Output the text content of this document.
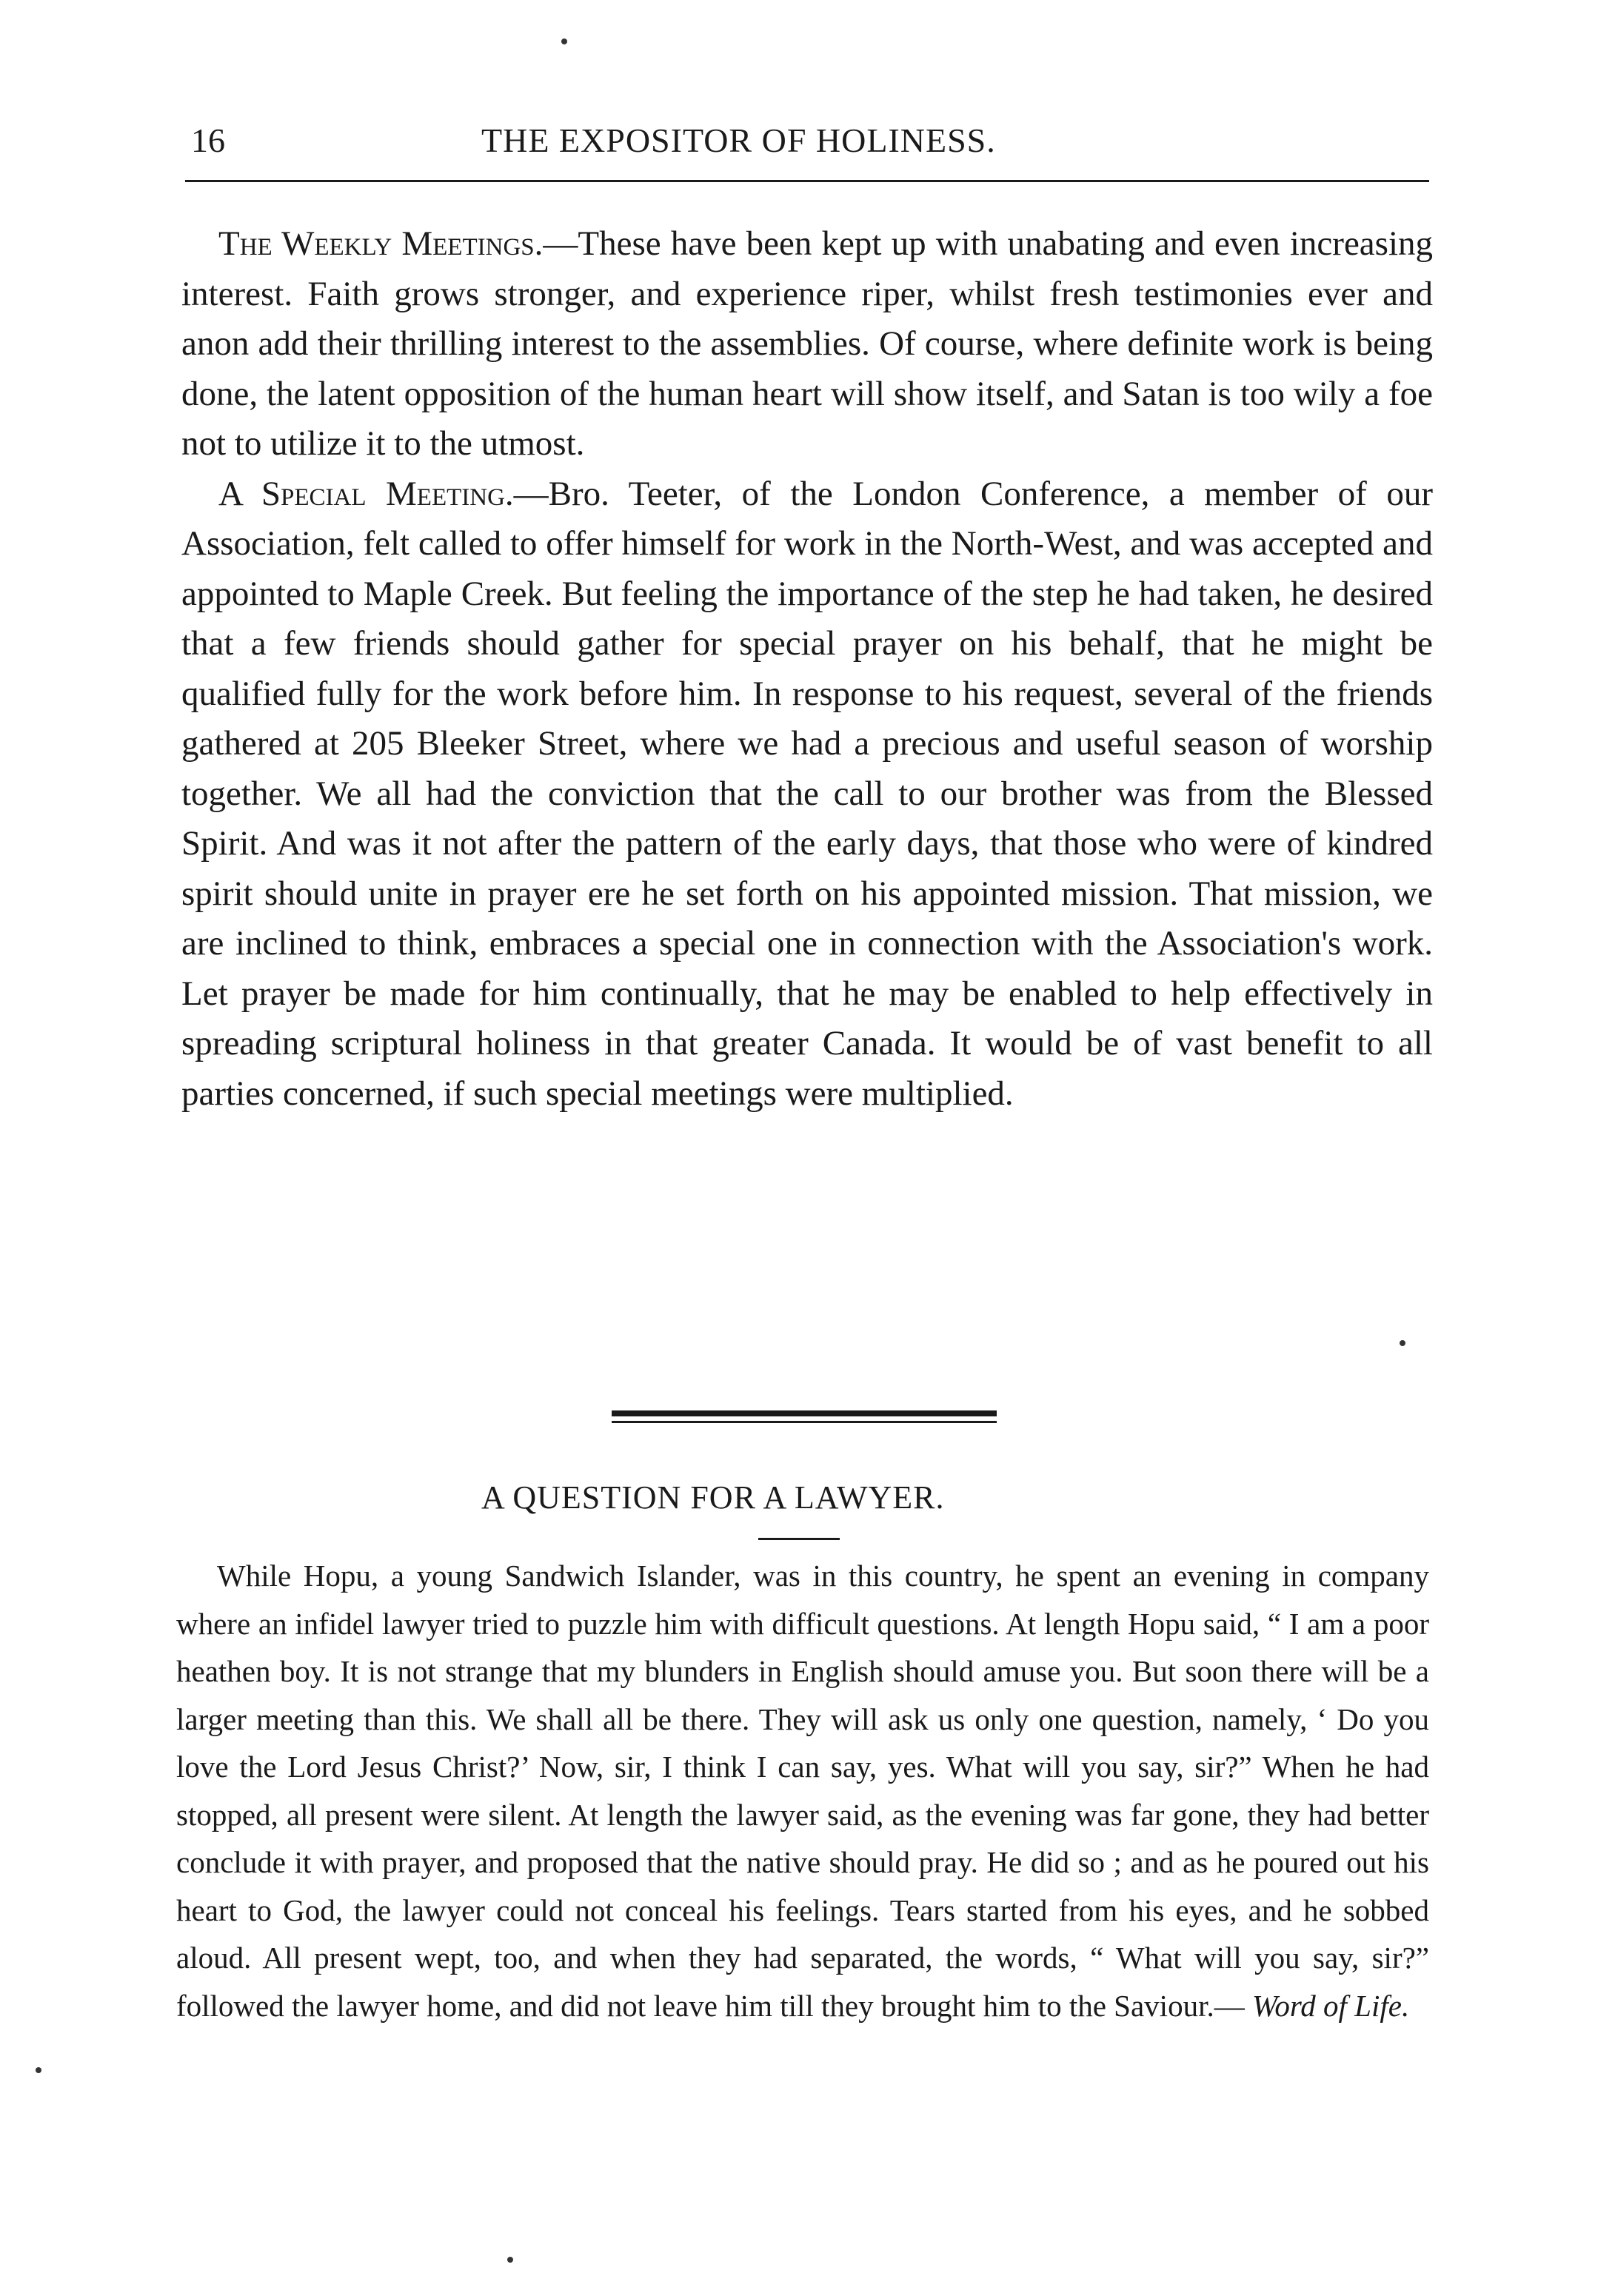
16	THE EXPOSITOR OF HOLINESS.

The Weekly Meetings.—These have been kept up with unabating and even increasing interest. Faith grows stronger, and experience riper, whilst fresh testimonies ever and anon add their thrilling interest to the assemblies. Of course, where definite work is being done, the latent opposition of the human heart will show itself, and Satan is too wily a foe not to utilize it to the utmost.

A Special Meeting.—Bro. Teeter, of the London Conference, a member of our Association, felt called to offer himself for work in the North-West, and was accepted and appointed to Maple Creek. But feeling the importance of the step he had taken, he desired that a few friends should gather for special prayer on his behalf, that he might be qualified fully for the work before him. In response to his request, several of the friends gathered at 205 Bleeker Street, where we had a precious and useful season of worship together. We all had the conviction that the call to our brother was from the Blessed Spirit. And was it not after the pattern of the early days, that those who were of kindred spirit should unite in prayer ere he set forth on his appointed mission. That mission, we are inclined to think, embraces a special one in connection with the Association's work. Let prayer be made for him continually, that he may be enabled to help effectively in spreading scriptural holiness in that greater Canada. It would be of vast benefit to all parties concerned, if such special meetings were multiplied.

A QUESTION FOR A LAWYER.

While Hopu, a young Sandwich Islander, was in this country, he spent an evening in company where an infidel lawyer tried to puzzle him with difficult questions. At length Hopu said, “ I am a poor heathen boy. It is not strange that my blunders in English should amuse you. But soon there will be a larger meeting than this. We shall all be there. They will ask us only one question, namely, ‘ Do you love the Lord Jesus Christ?’ Now, sir, I think I can say, yes. What will you say, sir?” When he had stopped, all present were silent. At length the lawyer said, as the evening was far gone, they had better conclude it with prayer, and proposed that the native should pray. He did so ; and as he poured out his heart to God, the lawyer could not conceal his feelings. Tears started from his eyes, and he sobbed aloud. All present wept, too, and when they had separated, the words, “ What will you say, sir?” followed the lawyer home, and did not leave him till they brought him to the Saviour.— Word of Life.
